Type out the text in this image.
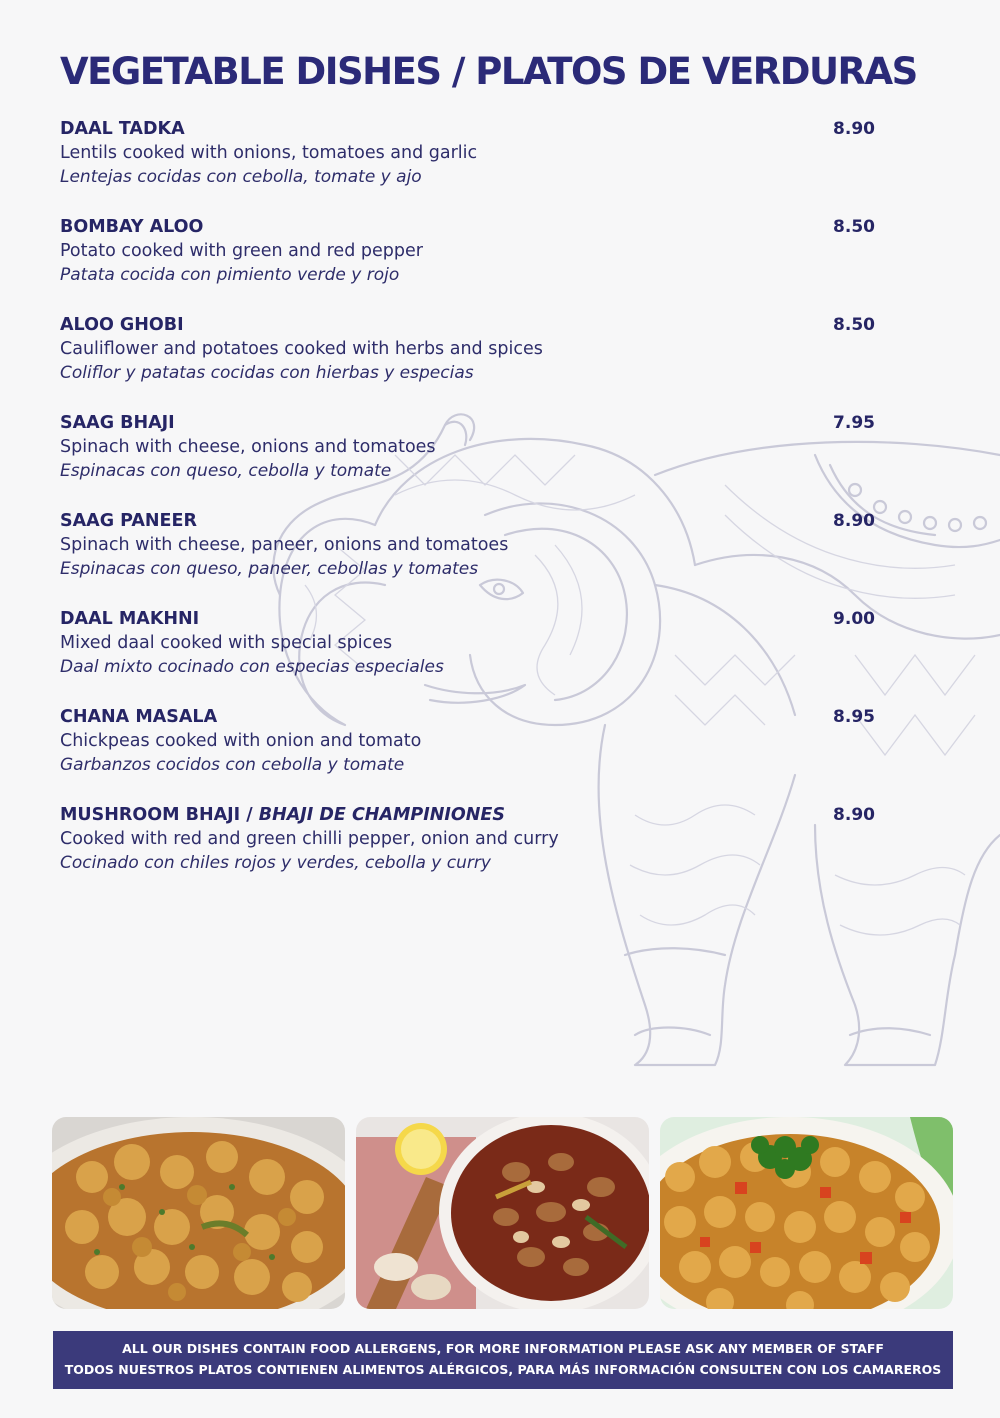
VEGETABLE DISHES / PLATOS DE VERDURAS
DAAL TADKA	8.90
Lentils cooked with onions, tomatoes and garlic
Lentejas cocidas con cebolla, tomate y ajo
BOMBAY ALOO	8.50
Potato cooked with green and red pepper
Patata cocida con pimiento verde y rojo
ALOO GHOBI	8.50
Cauliflower and potatoes cooked with herbs and spices
Coliflor y patatas cocidas con hierbas y especias
SAAG BHAJI	7.95
Spinach with cheese, onions and tomatoes
Espinacas con queso, cebolla y tomate
SAAG PANEER	8.90
Spinach with cheese, paneer, onions and tomatoes
Espinacas con queso, paneer, cebollas y tomates
DAAL MAKHNI	9.00
Mixed daal cooked with special spices
Daal mixto cocinado con especias especiales
CHANA MASALA	8.95
Chickpeas cooked with onion and tomato
Garbanzos cocidos con cebolla y tomate
MUSHROOM BHAJI / BHAJI DE CHAMPINIONES	8.90
Cooked with red and green chilli pepper, onion and curry
Cocinado con chiles rojos y verdes, cebolla y curry
ALL OUR DISHES CONTAIN FOOD ALLERGENS, FOR MORE INFORMATION PLEASE ASK ANY MEMBER OF STAFF
TODOS NUESTROS PLATOS CONTIENEN ALIMENTOS ALÉRGICOS, PARA MÁS INFORMACIÓN CONSULTEN CON LOS CAMAREROS
